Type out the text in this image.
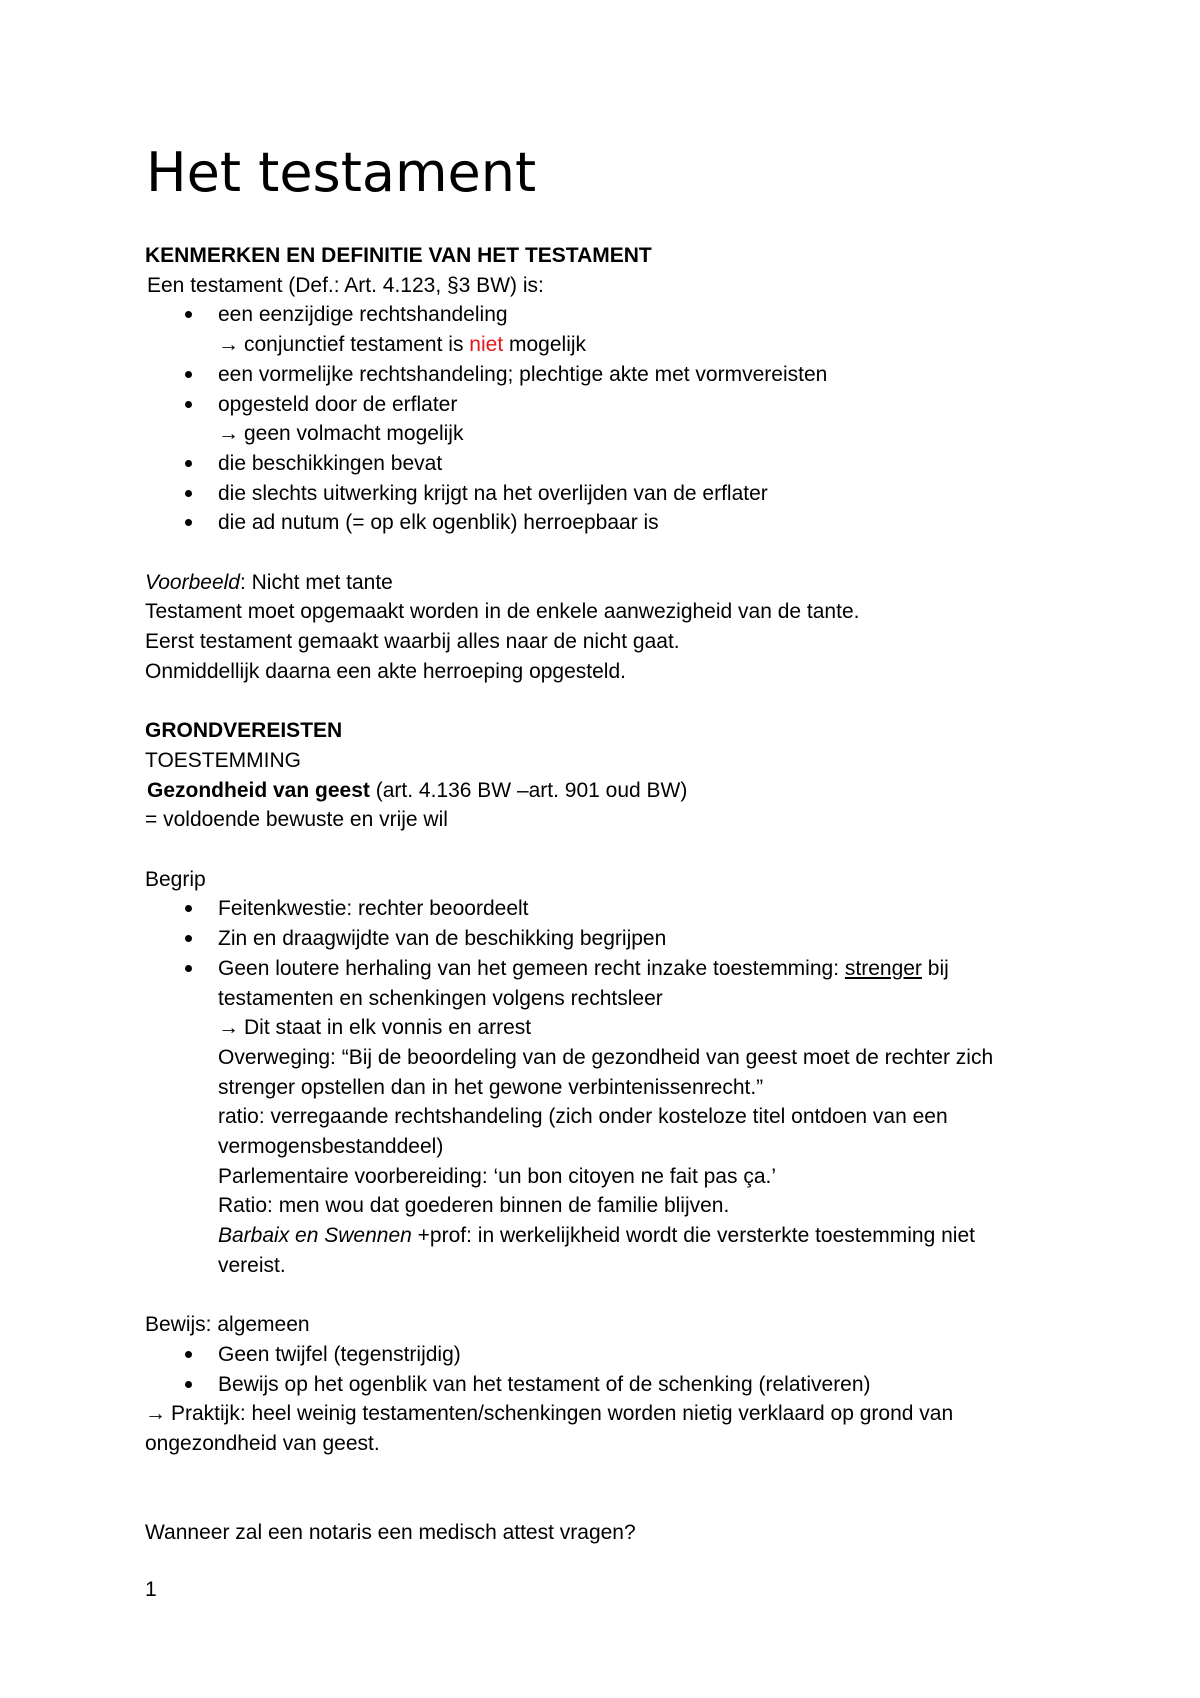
Het testament
KENMERKEN EN DEFINITIE VAN HET TESTAMENT
Een testament (Def.: Art. 4.123, §3 BW) is:
een eenzijdige rechtshandeling
→ conjunctief testament is niet mogelijk
een vormelijke rechtshandeling; plechtige akte met vormvereisten
opgesteld door de erflater
→ geen volmacht mogelijk
die beschikkingen bevat
die slechts uitwerking krijgt na het overlijden van de erflater
die ad nutum (= op elk ogenblik) herroepbaar is
Voorbeeld: Nicht met tante
Testament moet opgemaakt worden in de enkele aanwezigheid van de tante.
Eerst testament gemaakt waarbij alles naar de nicht gaat.
Onmiddellijk daarna een akte herroeping opgesteld.
GRONDVEREISTEN
TOESTEMMING
Gezondheid van geest (art. 4.136 BW –art. 901 oud BW)
= voldoende bewuste en vrije wil
Begrip
Feitenkwestie: rechter beoordeelt
Zin en draagwijdte van de beschikking begrijpen
Geen loutere herhaling van het gemeen recht inzake toestemming: strenger bij
testamenten en schenkingen volgens rechtsleer
→ Dit staat in elk vonnis en arrest
Overweging: “Bij de beoordeling van de gezondheid van geest moet de rechter zich
strenger opstellen dan in het gewone verbintenissenrecht.”
ratio: verregaande rechtshandeling (zich onder kosteloze titel ontdoen van een
vermogensbestanddeel)
Parlementaire voorbereiding: ‘un bon citoyen ne fait pas ça.’
Ratio: men wou dat goederen binnen de familie blijven.
Barbaix en Swennen +prof: in werkelijkheid wordt die versterkte toestemming niet
vereist.
Bewijs: algemeen
Geen twijfel (tegenstrijdig)
Bewijs op het ogenblik van het testament of de schenking (relativeren)
→ Praktijk: heel weinig testamenten/schenkingen worden nietig verklaard op grond van
ongezondheid van geest.
Wanneer zal een notaris een medisch attest vragen?
1
